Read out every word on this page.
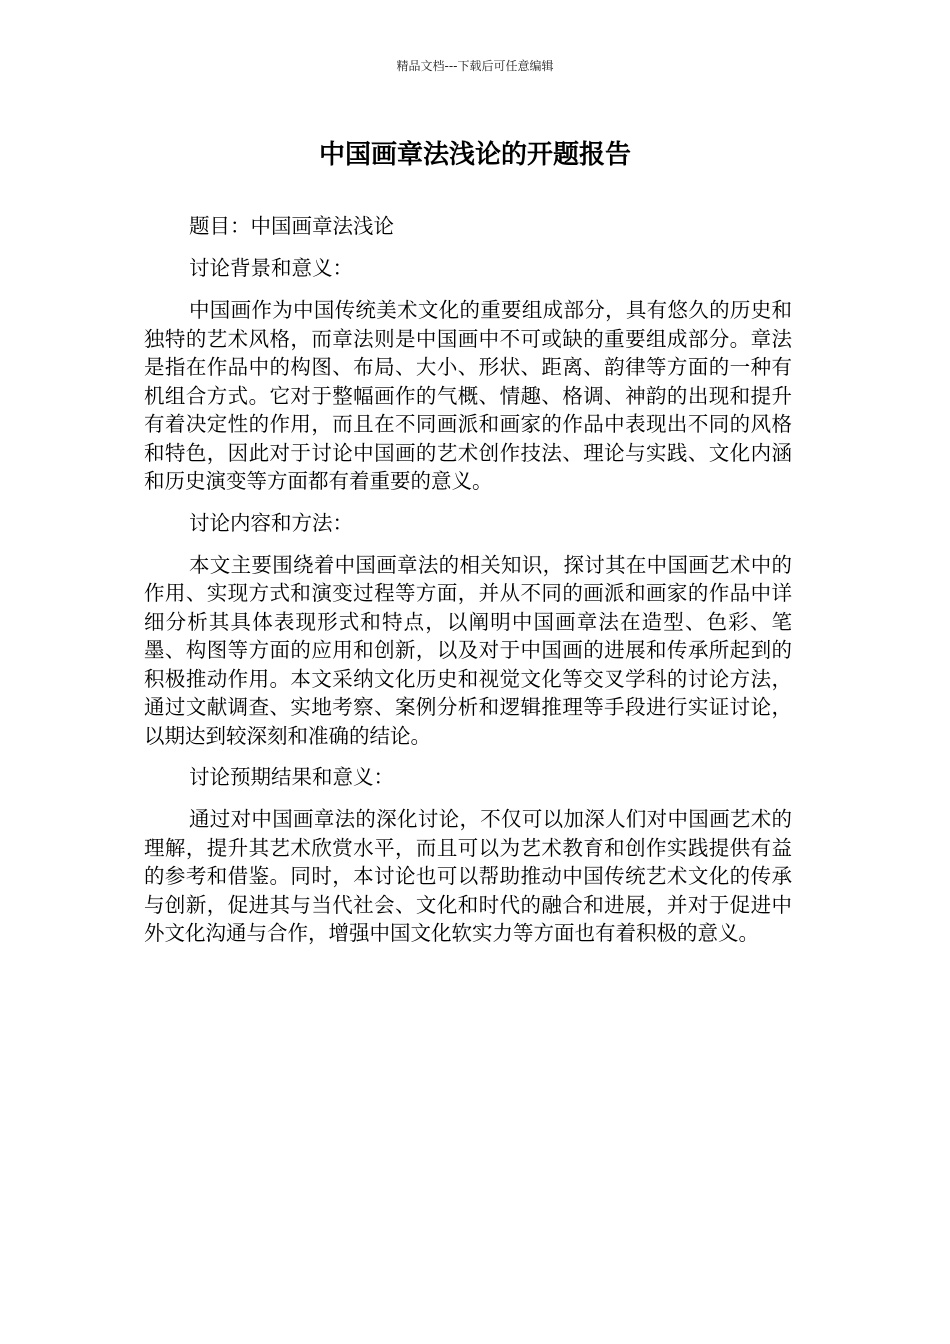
精品文档---下载后可任意编辑
中国画章法浅论的开题报告

题目：中国画章法浅论

讨论背景和意义：

中国画作为中国传统美术文化的重要组成部分，具有悠久的历史和独特的艺术风格，而章法则是中国画中不可或缺的重要组成部分。章法是指在作品中的构图、布局、大小、形状、距离、韵律等方面的一种有机组合方式。它对于整幅画作的气概、情趣、格调、神韵的出现和提升有着决定性的作用，而且在不同画派和画家的作品中表现出不同的风格和特色，因此对于讨论中国画的艺术创作技法、理论与实践、文化内涵和历史演变等方面都有着重要的意义。

讨论内容和方法：

本文主要围绕着中国画章法的相关知识，探讨其在中国画艺术中的作用、实现方式和演变过程等方面，并从不同的画派和画家的作品中详细分析其具体表现形式和特点，以阐明中国画章法在造型、色彩、笔墨、构图等方面的应用和创新，以及对于中国画的进展和传承所起到的积极推动作用。本文采纳文化历史和视觉文化等交叉学科的讨论方法，通过文献调查、实地考察、案例分析和逻辑推理等手段进行实证讨论，以期达到较深刻和准确的结论。

讨论预期结果和意义：

通过对中国画章法的深化讨论，不仅可以加深人们对中国画艺术的理解，提升其艺术欣赏水平，而且可以为艺术教育和创作实践提供有益的参考和借鉴。同时，本讨论也可以帮助推动中国传统艺术文化的传承与创新，促进其与当代社会、文化和时代的融合和进展，并对于促进中外文化沟通与合作，增强中国文化软实力等方面也有着积极的意义。
